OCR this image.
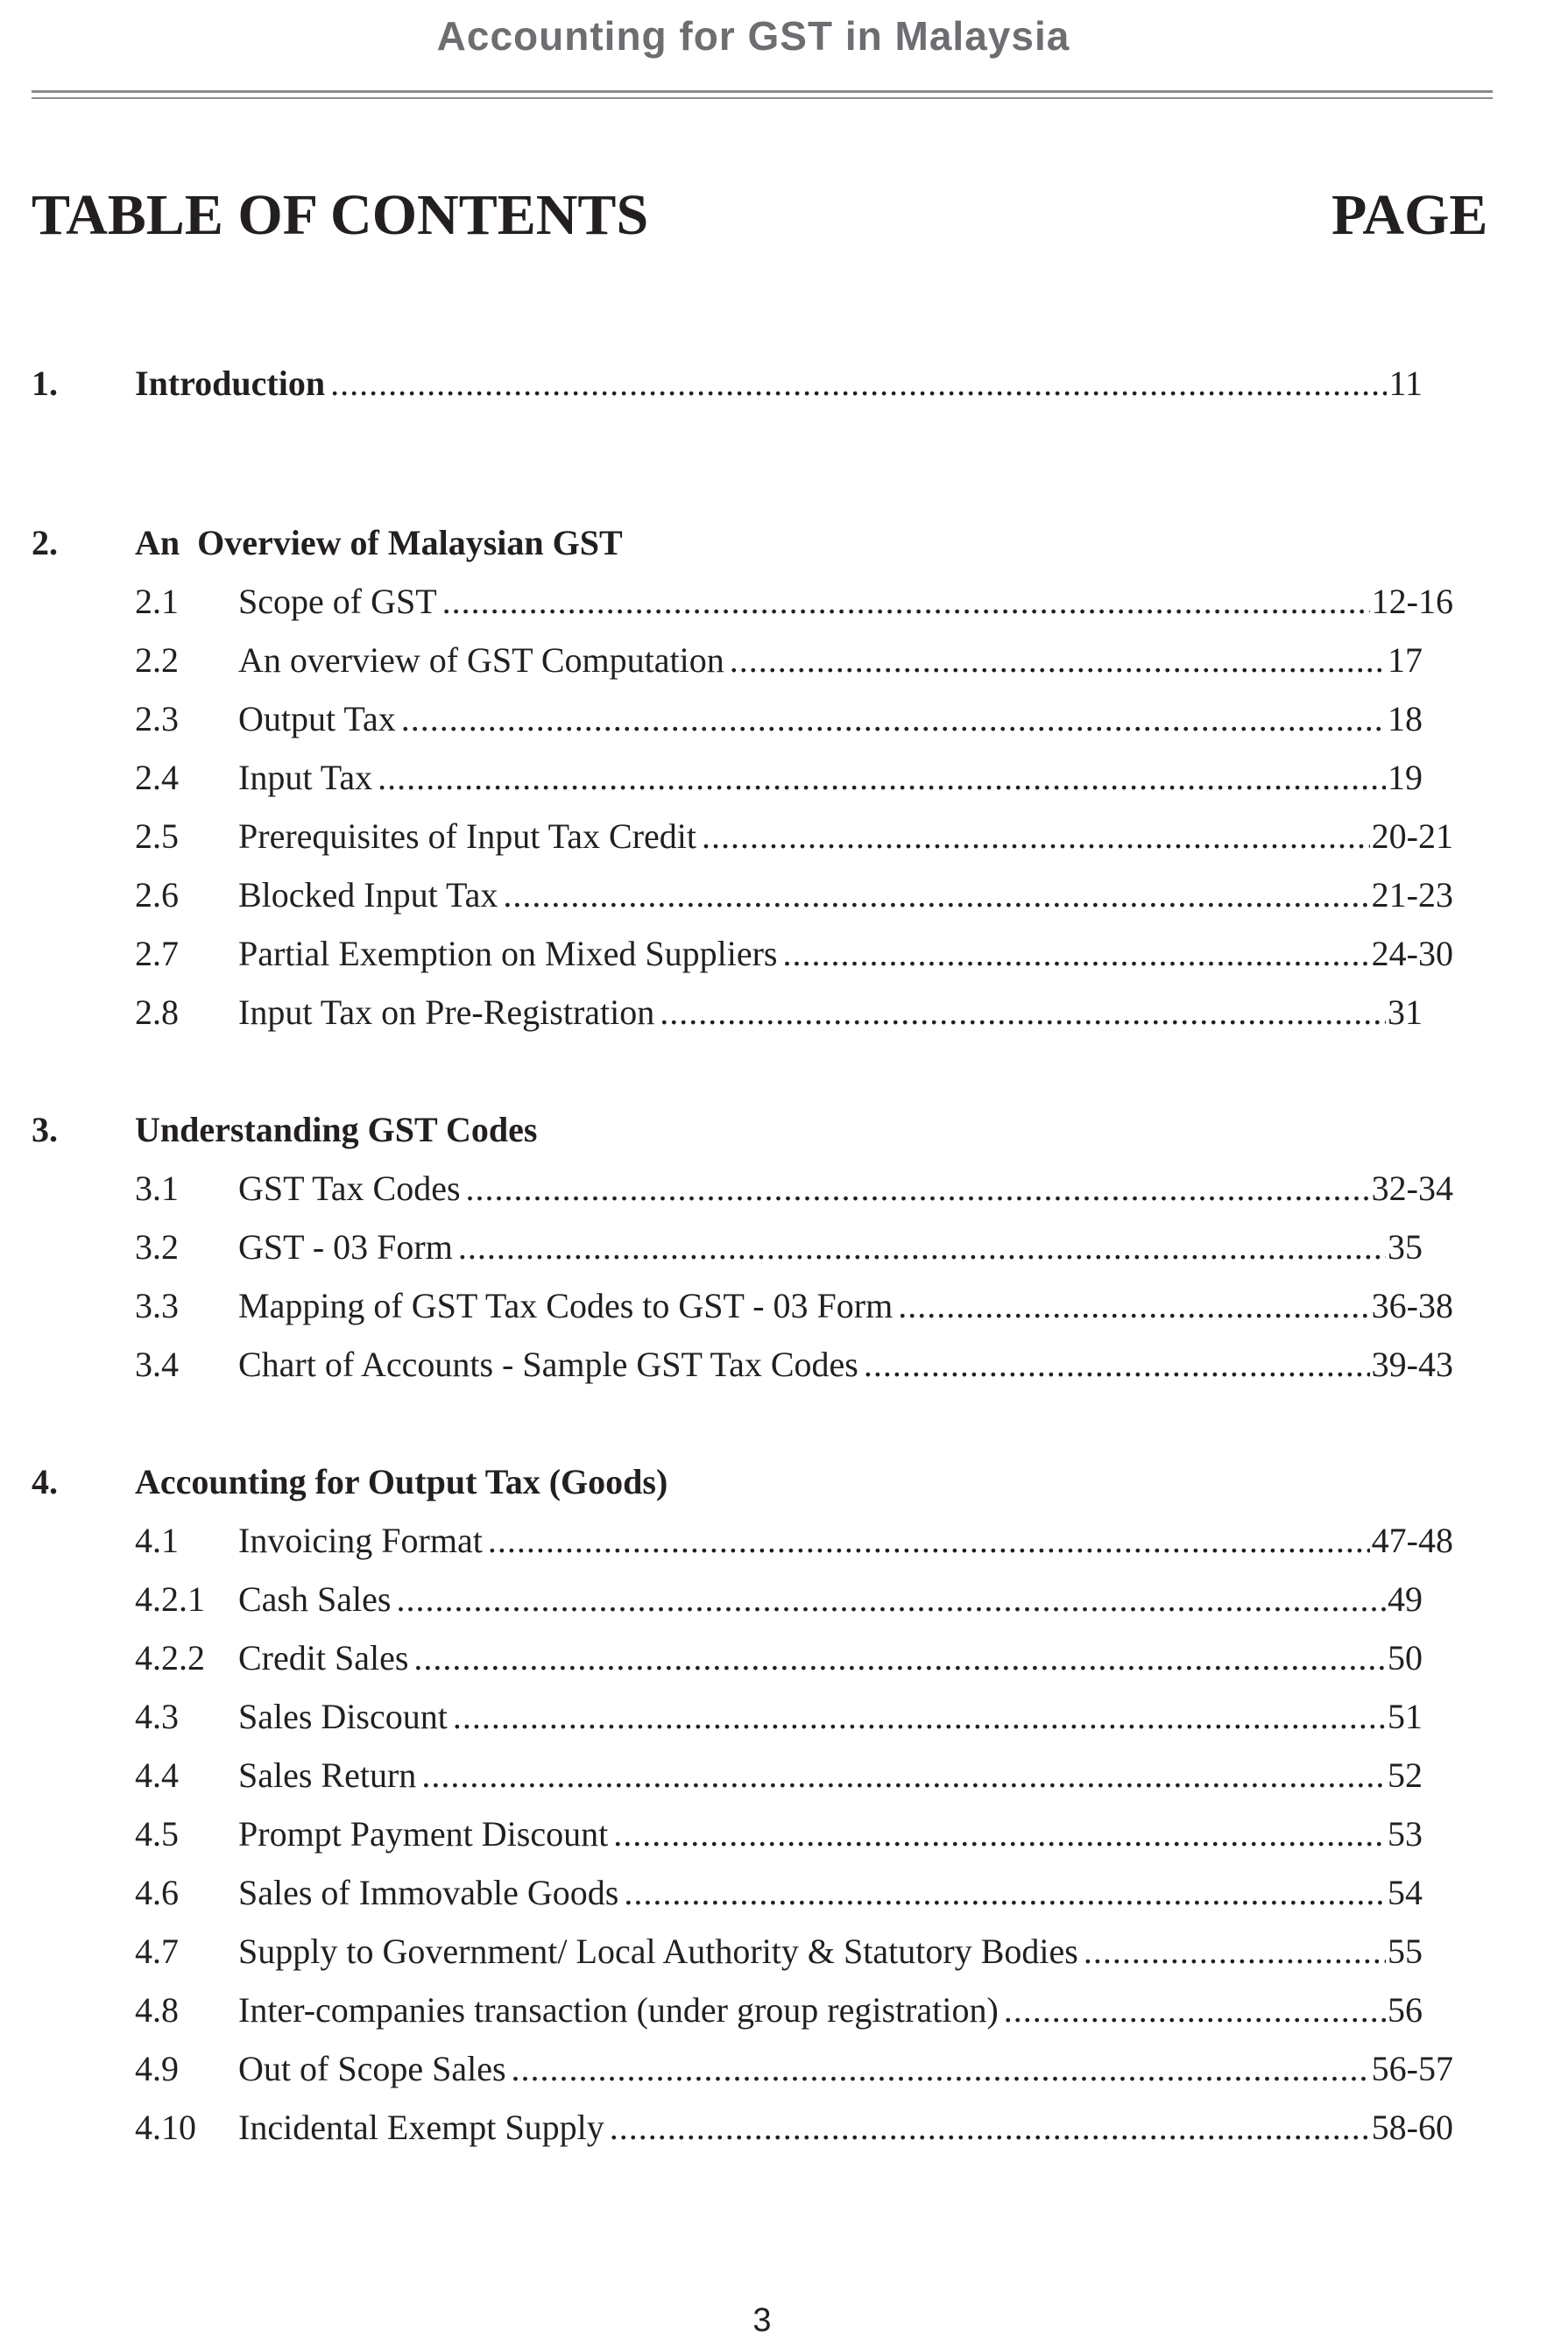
Accounting for GST in Malaysia
TABLE OF CONTENTS	PAGE
1. Introduction .....	11
2. An  Overview of Malaysian GST
2.1	Scope of GST .....	12-16
2.2	An overview of GST Computation .....	17
2.3	Output Tax .....	18
2.4	Input Tax .....	19
2.5	Prerequisites of Input Tax Credit .....	20-21
2.6	Blocked Input Tax .....	21-23
2.7	Partial Exemption on Mixed Suppliers .....	24-30
2.8	Input Tax on Pre-Registration .....	31
3. Understanding GST Codes
3.1	GST Tax Codes .....	32-34
3.2	GST - 03 Form .....	35
3.3	Mapping of GST Tax Codes to GST - 03 Form .....	36-38
3.4	Chart of Accounts - Sample GST Tax Codes .....	39-43
4. Accounting for Output Tax (Goods)
4.1	Invoicing Format .....	47-48
4.2.1 Cash Sales .....	49
4.2.2 Credit Sales .....	50
4.3	Sales Discount .....	51
4.4	Sales Return .....	52
4.5	Prompt Payment Discount .....	53
4.6	Sales of Immovable Goods .....	54
4.7	Supply to Government/ Local Authority & Statutory Bodies .....	55
4.8	Inter-companies transaction (under group registration) .....	56
4.9	Out of Scope Sales .....	56-57
4.10	Incidental Exempt Supply .....	58-60
3
